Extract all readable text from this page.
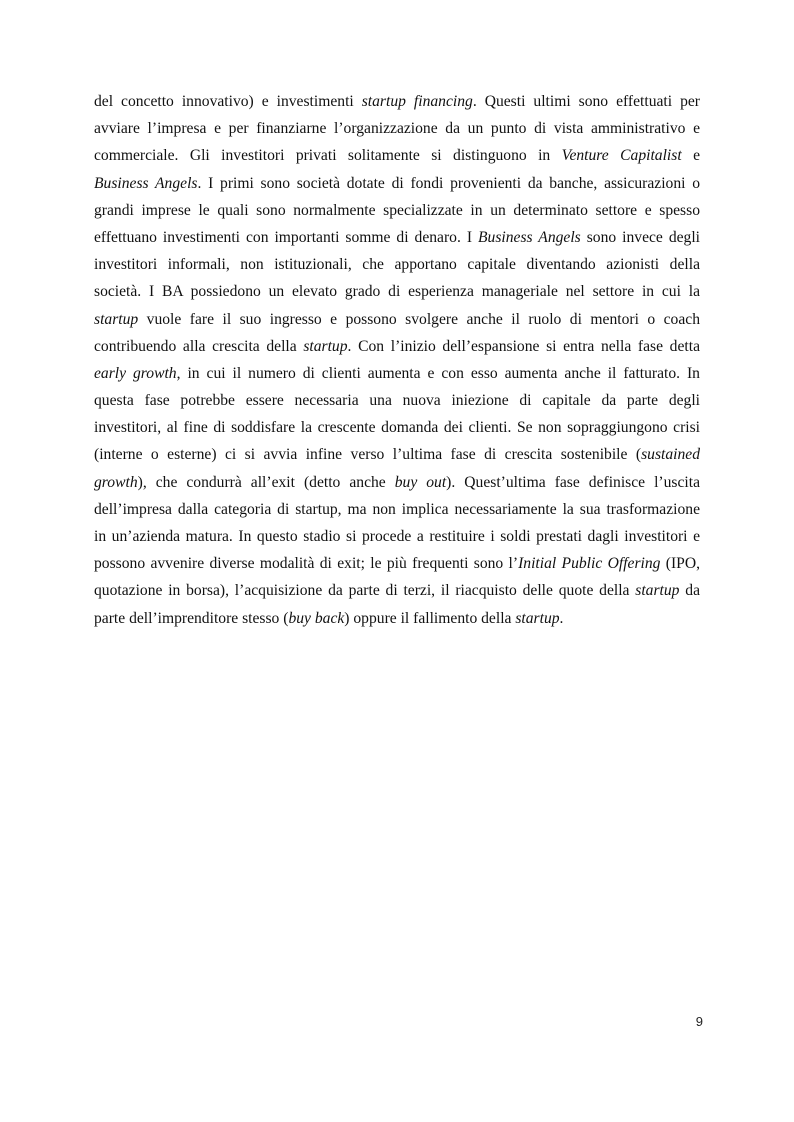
del concetto innovativo) e investimenti startup financing. Questi ultimi sono effettuati per
avviare l’impresa e per finanziarne l’organizzazione da un punto di vista amministrativo e
commerciale. Gli investitori privati solitamente si distinguono in Venture Capitalist e
Business Angels. I primi sono società dotate di fondi provenienti da banche, assicurazioni o
grandi imprese le quali sono normalmente specializzate in un determinato settore e spesso
effettuano investimenti con importanti somme di denaro. I Business Angels sono invece degli
investitori informali, non istituzionali, che apportano capitale diventando azionisti della
società. I BA possiedono un elevato grado di esperienza manageriale nel settore in cui la
startup vuole fare il suo ingresso e possono svolgere anche il ruolo di mentori o coach
contribuendo alla crescita della startup. Con l’inizio dell’espansione si entra nella fase detta
early growth, in cui il numero di clienti aumenta e con esso aumenta anche il fatturato. In
questa fase potrebbe essere necessaria una nuova iniezione di capitale da parte degli
investitori, al fine di soddisfare la crescente domanda dei clienti. Se non sopraggiungono crisi
(interne o esterne) ci si avvia infine verso l’ultima fase di crescita sostenibile (sustained
growth), che condurrà all’exit (detto anche buy out). Quest’ultima fase definisce l’uscita
dell’impresa dalla categoria di startup, ma non implica necessariamente la sua trasformazione
in un’azienda matura. In questo stadio si procede a restituire i soldi prestati dagli investitori e
possono avvenire diverse modalità di exit; le più frequenti sono l’Initial Public Offering (IPO,
quotazione in borsa), l’acquisizione da parte di terzi, il riacquisto delle quote della startup da
parte dell’imprenditore stesso (buy back) oppure il fallimento della startup.
9
